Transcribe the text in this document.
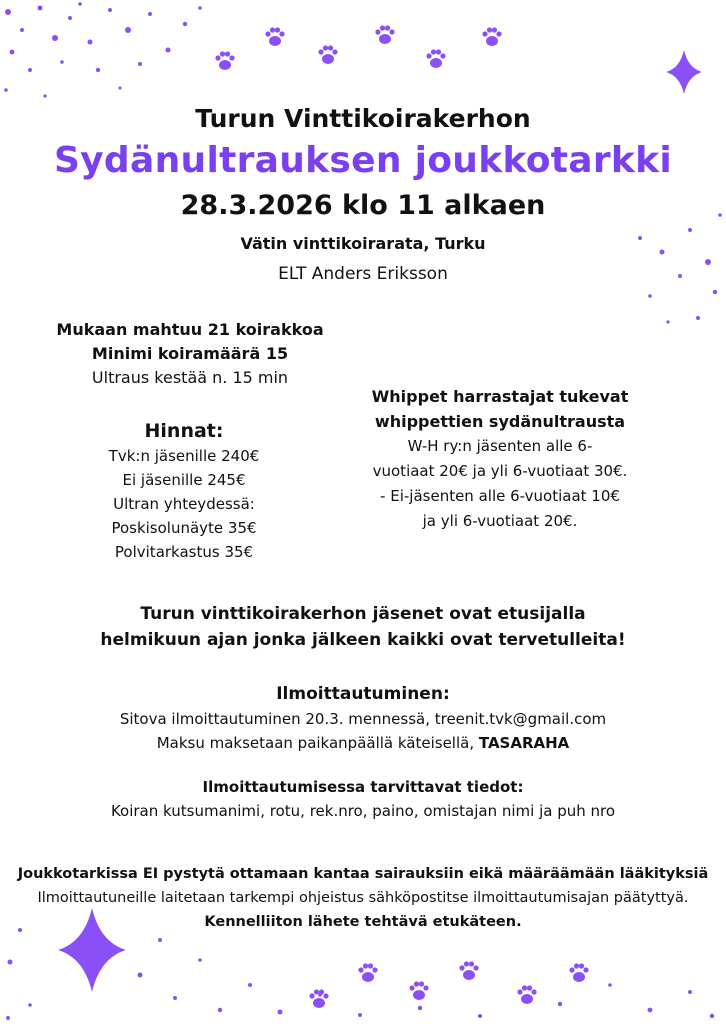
Turun Vinttikoirakerhon
Sydänultrauksen joukkotarkki
28.3.2026 klo 11 alkaen
Vätin vinttikoirarata, Turku
ELT Anders Eriksson
Mukaan mahtuu 21 koirakkoa
Minimi koiramäärä 15
Ultraus kestää n. 15 min
Hinnat:
Tvk:n jäsenille 240€
Ei jäsenille 245€
Ultran yhteydessä:
Poskisolunäyte 35€
Polvitarkastus 35€
Whippet harrastajat tukevat
whippettien sydänultrausta
W-H ry:n jäsenten alle 6-
vuotiaat 20€ ja yli 6-vuotiaat 30€.
- Ei-jäsenten alle 6-vuotiaat 10€
ja yli 6-vuotiaat 20€.
Turun vinttikoirakerhon jäsenet ovat etusijalla
helmikuun ajan jonka jälkeen kaikki ovat tervetulleita!
Ilmoittautuminen:
Sitova ilmoittautuminen 20.3. mennessä, treenit.tvk@gmail.com
Maksu maksetaan paikanpäällä käteisellä, TASARAHA
Ilmoittautumisessa tarvittavat tiedot:
Koiran kutsumanimi, rotu, rek.nro, paino, omistajan nimi ja puh nro
Joukkotarkissa EI pystytä ottamaan kantaa sairauksiin eikä määräämään lääkityksiä
Ilmoittautuneille laitetaan tarkempi ohjeistus sähköpostitse ilmoittautumisajan päätyttyä.
Kennelliiton lähete tehtävä etukäteen.
